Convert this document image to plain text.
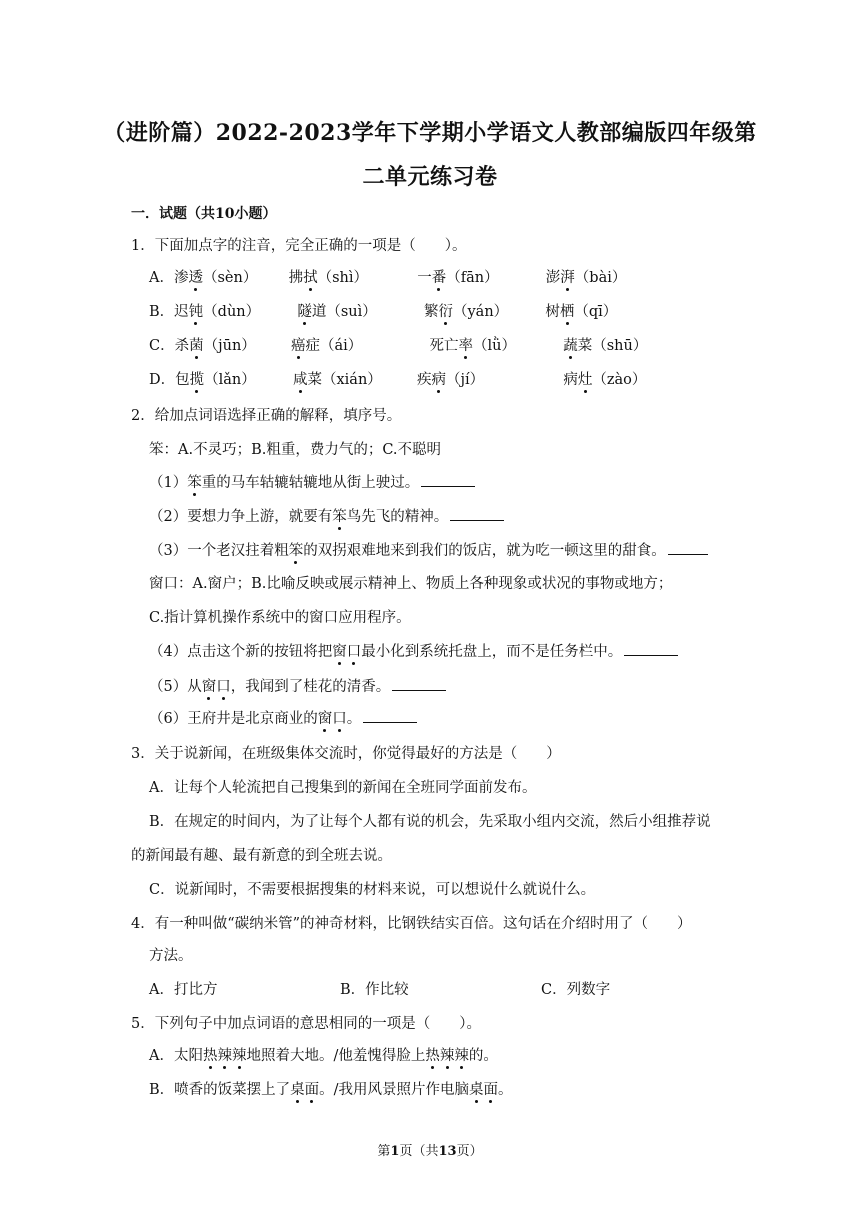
（进阶篇）2022-2023学年下学期小学语文人教部编版四年级第
二单元练习卷
一．试题（共10小题）
1．下面加点字的注音，完全正确的一项是（　　）。
A．渗透（sèn） 拂拭（shì）	一番（fān）	澎湃（bài）
B．迟钝（dùn）	隧道（suì）	繁衍（yán）	树栖（qī）
C．杀菌（jūn） 癌症（ái）	死亡率（lǜ）	蔬菜（shū）
D．包揽（lǎn）	咸菜（xián） 疾病（jí）	病灶（zào）
2．给加点词语选择正确的解释，填序号。
笨：A.不灵巧；B.粗重，费力气的；C.不聪明
（1）笨重的马车轱辘轱辘地从街上驶过。
（2）要想力争上游，就要有笨鸟先飞的精神。
（3）一个老汉拄着粗笨的双拐艰难地来到我们的饭店，就为吃一顿这里的甜食。
窗口：A.窗户；B.比喻反映或展示精神上、物质上各种现象或状况的事物或地方；
C.指计算机操作系统中的窗口应用程序。
（4）点击这个新的按钮将把窗口最小化到系统托盘上，而不是任务栏中。
（5）从窗口，我闻到了桂花的清香。
（6）王府井是北京商业的窗口。
3．关于说新闻，在班级集体交流时，你觉得最好的方法是（　　）
A．让每个人轮流把自己搜集到的新闻在全班同学面前发布。
B．在规定的时间内，为了让每个人都有说的机会，先采取小组内交流，然后小组推荐说
的新闻最有趣、最有新意的到全班去说。
C．说新闻时，不需要根据搜集的材料来说，可以想说什么就说什么。
4．有一种叫做“碳纳米管”的神奇材料，比钢铁结实百倍。这句话在介绍时用了（　　）
方法。
A．打比方	B．作比较	C．列数字
5．下列句子中加点词语的意思相同的一项是（　　）。
A．太阳热辣辣地照着大地。/他羞愧得脸上热辣辣的。
B．喷香的饭菜摆上了桌面。/我用风景照片作电脑桌面。
第1页（共13页）
